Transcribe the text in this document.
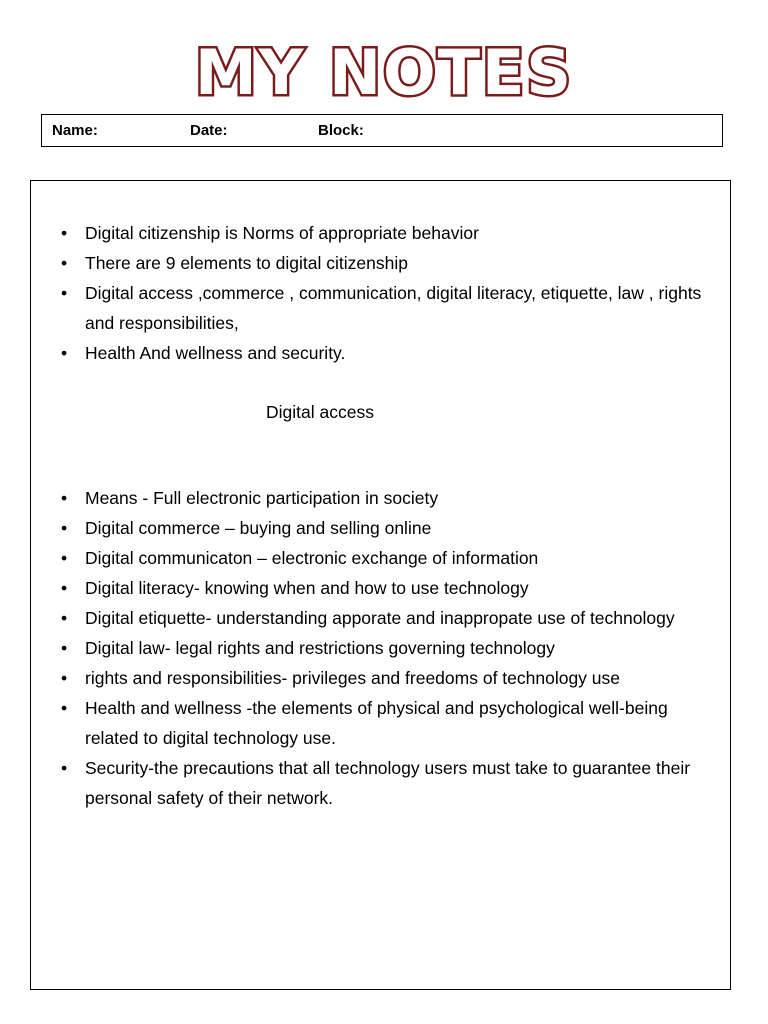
MY NOTES
Name:	Date:	Block:
• Digital citizenship is Norms of appropriate behavior
• There are 9 elements to digital citizenship
• Digital access ,commerce , communication, digital literacy, etiquette, law , rights and responsibilities,
• Health And wellness and security.
Digital access
• Means - Full electronic participation in society
• Digital commerce – buying and selling online
• Digital communicaton – electronic exchange of information
• Digital literacy- knowing when and how to use technology
• Digital etiquette- understanding apporate and inappropate use of technology
• Digital law- legal rights and restrictions governing technology
• rights and responsibilities- privileges and freedoms of technology use
• Health and wellness -the elements of physical and psychological well-being related to digital technology use.
• Security-the precautions that all technology users must take to guarantee their personal safety of their network.
